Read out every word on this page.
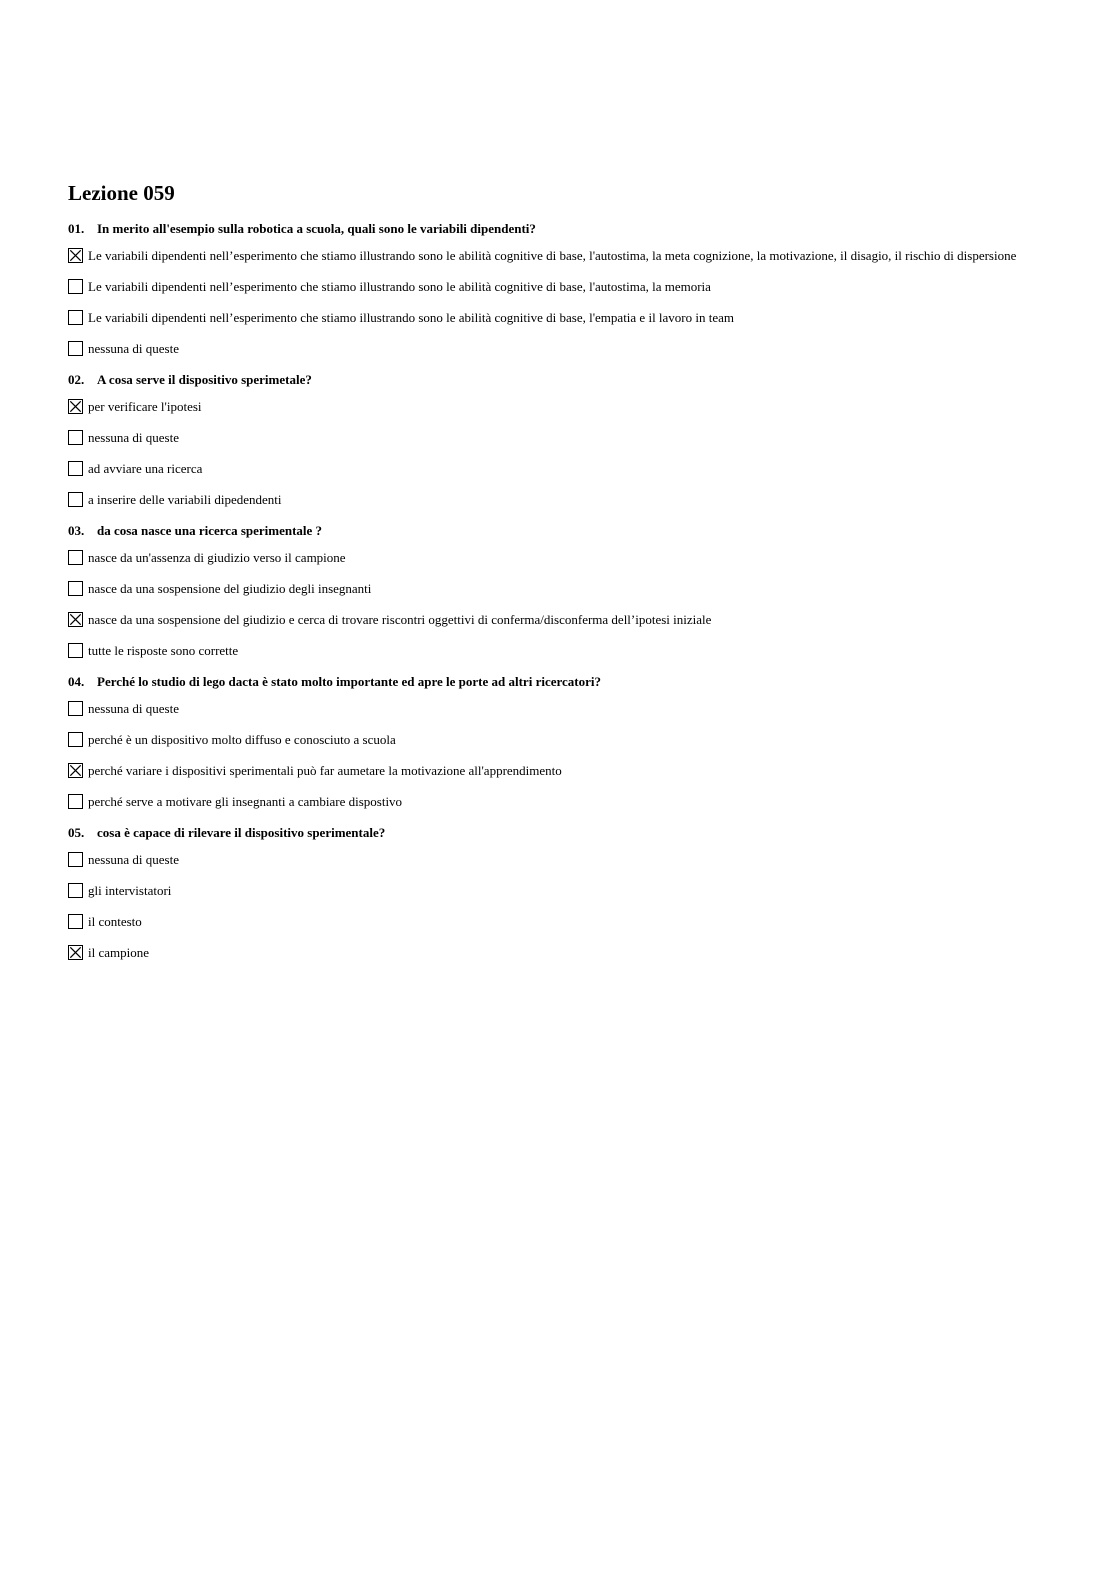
Lezione 059
01. In merito all'esempio sulla robotica a scuola, quali sono le variabili dipendenti?
Le variabili dipendenti nell’esperimento che stiamo illustrando sono le abilità cognitive di base, l'autostima, la meta cognizione, la motivazione, il disagio, il rischio di dispersione
Le variabili dipendenti nell’esperimento che stiamo illustrando sono le abilità cognitive di base, l'autostima, la memoria
Le variabili dipendenti nell’esperimento che stiamo illustrando sono le abilità cognitive di base, l'empatia e il lavoro in team
nessuna di queste
02. A cosa serve il dispositivo sperimetale?
per verificare l'ipotesi
nessuna di queste
ad avviare una ricerca
a inserire delle variabili dipedendenti
03. da cosa nasce una ricerca sperimentale ?
nasce da un'assenza di giudizio verso il campione
nasce da una sospensione del giudizio degli insegnanti
nasce da una sospensione del giudizio e cerca di trovare riscontri oggettivi di conferma/disconferma dell’ipotesi iniziale
tutte le risposte sono corrette
04. Perché lo studio di lego dacta è stato molto importante ed apre le porte ad altri ricercatori?
nessuna di queste
perché è un dispositivo molto diffuso e conosciuto a scuola
perché variare i dispositivi sperimentali può far aumetare la motivazione all'apprendimento
perché serve a motivare gli insegnanti a cambiare dispostivo
05. cosa è capace di rilevare il dispositivo sperimentale?
nessuna di queste
gli intervistatori
il contesto
il campione
